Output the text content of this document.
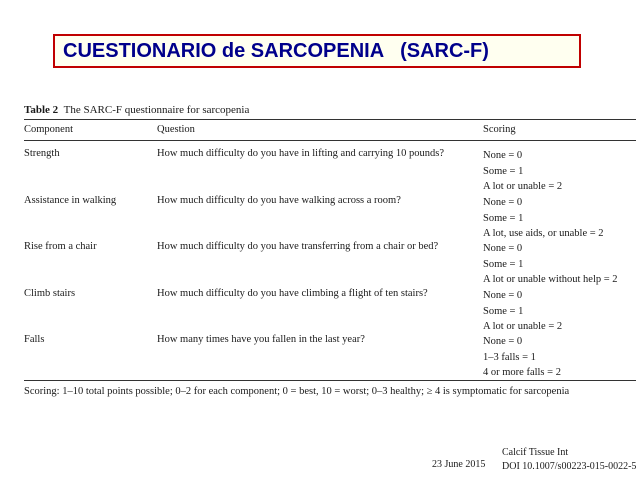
CUESTIONARIO de SARCOPENIA   (SARC-F)
Table 2 The SARC-F questionnaire for sarcopenia
Component	Question	Scoring
Strength	How much difficulty do you have in lifting and carrying 10 pounds?	None = 0
Some = 1
A lot or unable = 2
Assistance in walking	How much difficulty do you have walking across a room?	None = 0
Some = 1
A lot, use aids, or unable = 2
Rise from a chair	How much difficulty do you have transferring from a chair or bed?	None = 0
Some = 1
A lot or unable without help = 2
Climb stairs	How much difficulty do you have climbing a flight of ten stairs?	None = 0
Some = 1
A lot or unable = 2
Falls	How many times have you fallen in the last year?	None = 0
1–3 falls = 1
4 or more falls = 2
Scoring: 1–10 total points possible; 0–2 for each component; 0 = best, 10 = worst; 0–3 healthy; ≥ 4 is symptomatic for sarcopenia
23 June 2015
Calcif Tissue Int
DOI 10.1007/s00223-015-0022-5
